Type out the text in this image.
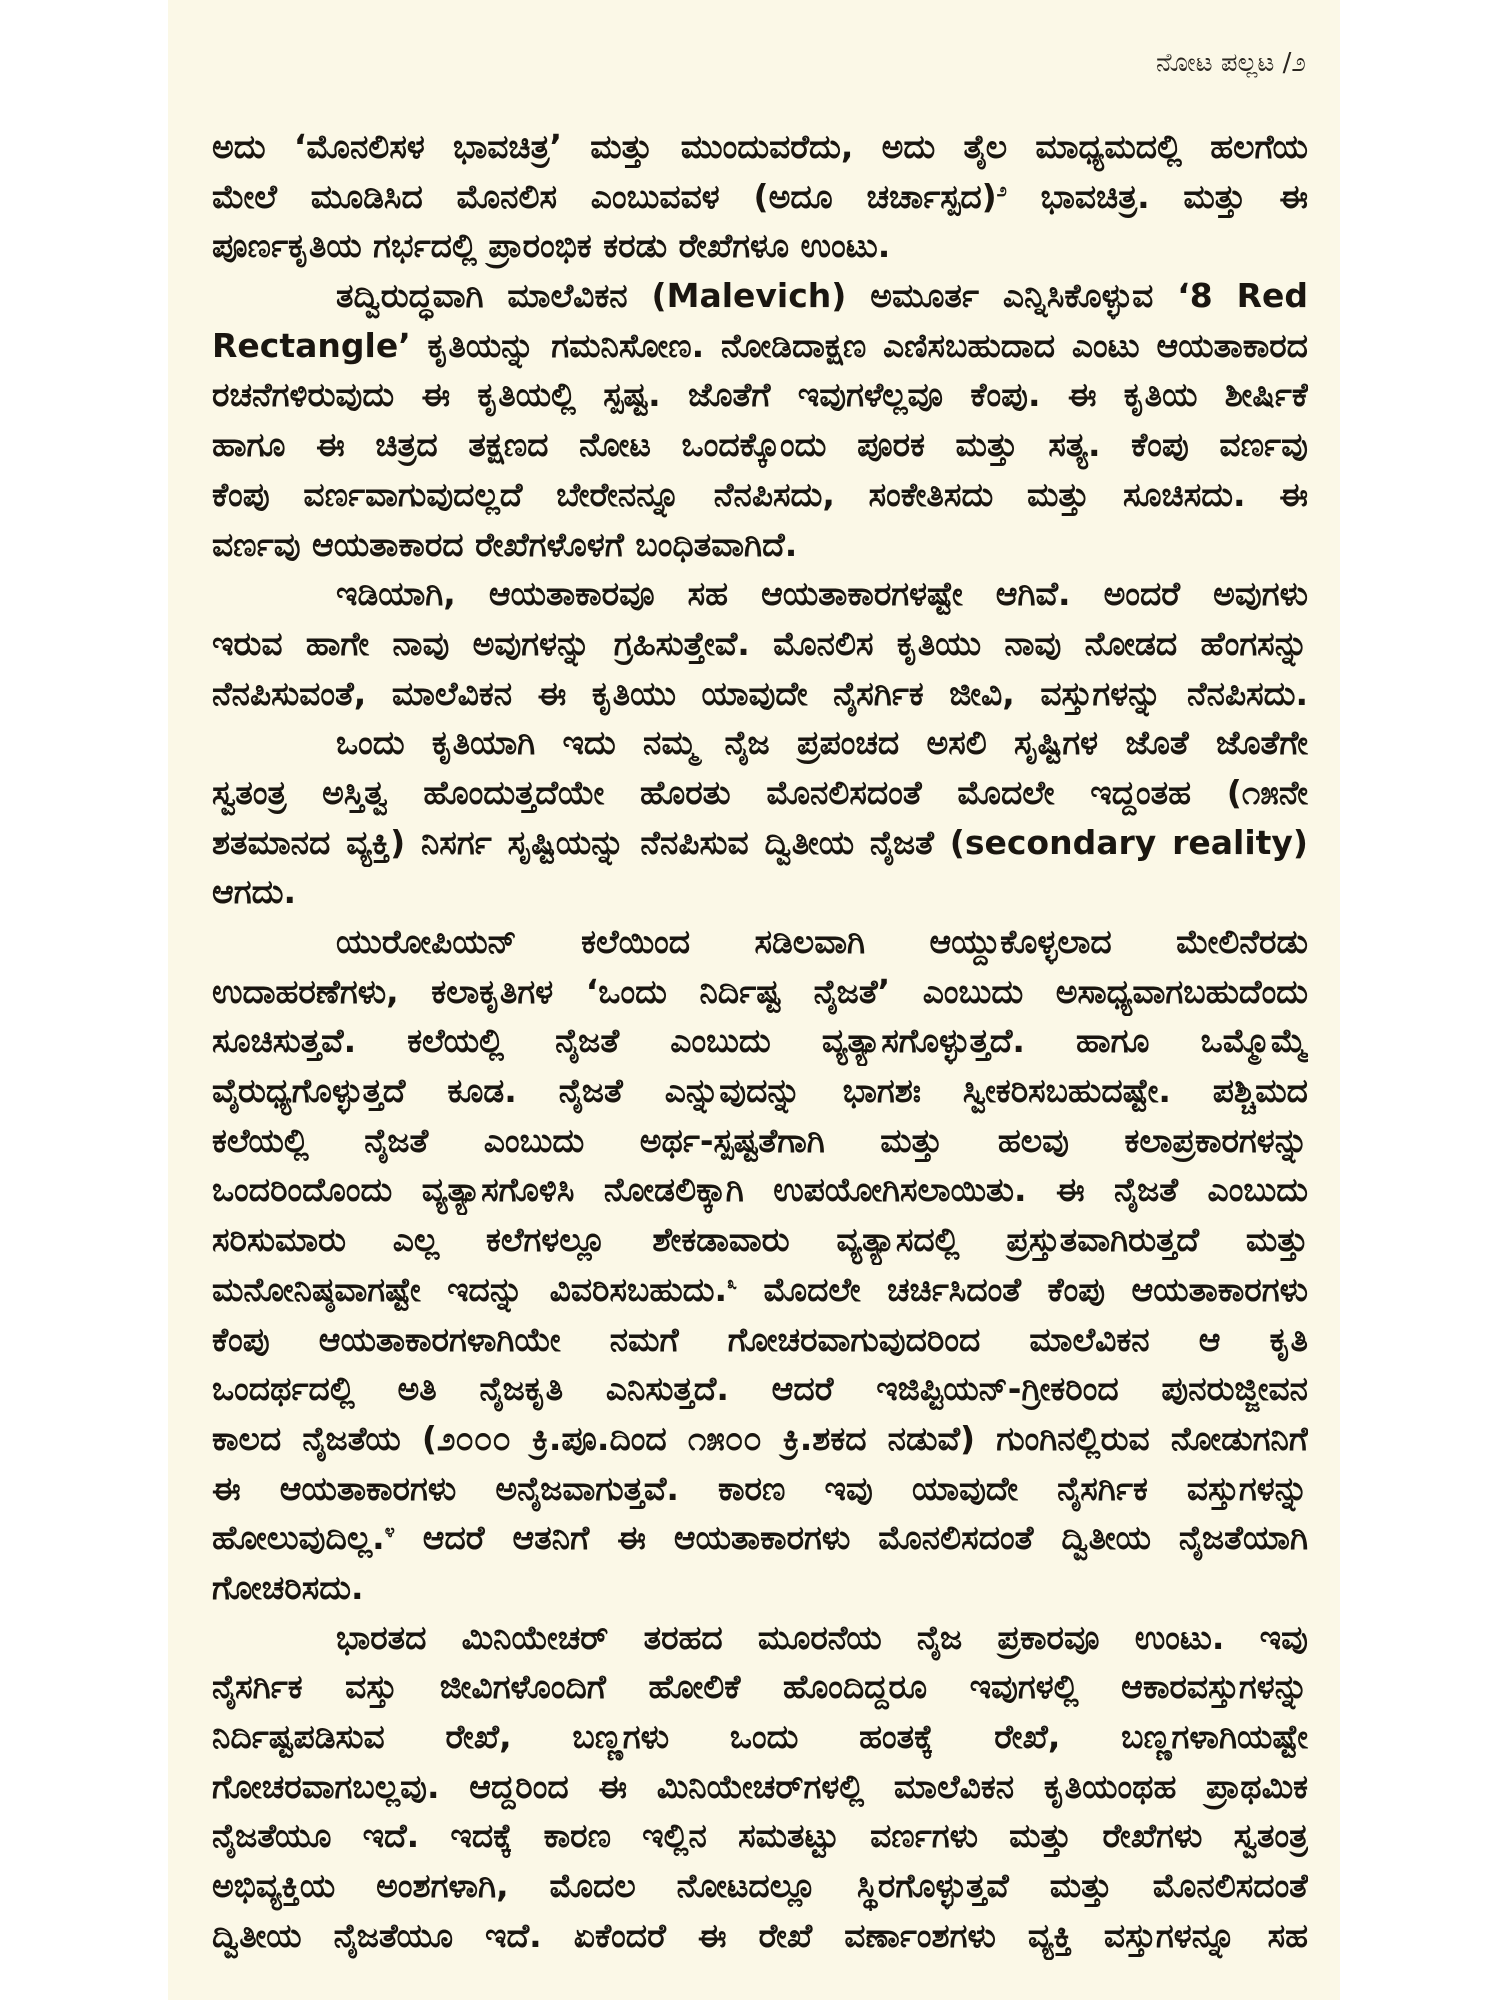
ನೋಟ ಪಲ್ಲಟ /೨
ಅದು ‘ಮೊನಲಿಸಳ ಭಾವಚಿತ್ರ’ ಮತ್ತು ಮುಂದುವರೆದು, ಅದು ತೈಲ ಮಾಧ್ಯಮದಲ್ಲಿ ಹಲಗೆಯ
ಮೇಲೆ ಮೂಡಿಸಿದ ಮೊನಲಿಸ ಎಂಬುವವಳ (ಅದೂ ಚರ್ಚಾಸ್ಪದ)$^೨$ ಭಾವಚಿತ್ರ. ಮತ್ತು ಈ
ಪೂರ್ಣಕೃತಿಯ ಗರ್ಭದಲ್ಲಿ ಪ್ರಾರಂಭಿಕ ಕರಡು ರೇಖೆಗಳೂ ಉಂಟು.
ತದ್ವಿರುದ್ಧವಾಗಿ ಮಾಲೆವಿಕನ (Malevich) ಅಮೂರ್ತ ಎನ್ನಿಸಿಕೊಳ್ಳುವ ‘8 Red
Rectangle’ ಕೃತಿಯನ್ನು ಗಮನಿಸೋಣ. ನೋಡಿದಾಕ್ಷಣ ಎಣಿಸಬಹುದಾದ ಎಂಟು ಆಯತಾಕಾರದ
ರಚನೆಗಳಿರುವುದು ಈ ಕೃತಿಯಲ್ಲಿ ಸ್ಪಷ್ಟ. ಜೊತೆಗೆ ಇವುಗಳೆಲ್ಲವೂ ಕೆಂಪು. ಈ ಕೃತಿಯ ಶೀರ್ಷಿಕೆ
ಹಾಗೂ ಈ ಚಿತ್ರದ ತಕ್ಷಣದ ನೋಟ ಒಂದಕ್ಕೊಂದು ಪೂರಕ ಮತ್ತು ಸತ್ಯ. ಕೆಂಪು ವರ್ಣವು
ಕೆಂಪು ವರ್ಣವಾಗುವುದಲ್ಲದೆ ಬೇರೇನನ್ನೂ ನೆನಪಿಸದು, ಸಂಕೇತಿಸದು ಮತ್ತು ಸೂಚಿಸದು. ಈ
ವರ್ಣವು ಆಯತಾಕಾರದ ರೇಖೆಗಳೊಳಗೆ ಬಂಧಿತವಾಗಿದೆ.
ಇಡಿಯಾಗಿ, ಆಯತಾಕಾರವೂ ಸಹ ಆಯತಾಕಾರಗಳಷ್ಟೇ ಆಗಿವೆ. ಅಂದರೆ ಅವುಗಳು
ಇರುವ ಹಾಗೇ ನಾವು ಅವುಗಳನ್ನು ಗ್ರಹಿಸುತ್ತೇವೆ. ಮೊನಲಿಸ ಕೃತಿಯು ನಾವು ನೋಡದ ಹೆಂಗಸನ್ನು
ನೆನಪಿಸುವಂತೆ, ಮಾಲೆವಿಕನ ಈ ಕೃತಿಯು ಯಾವುದೇ ನೈಸರ್ಗಿಕ ಜೀವಿ, ವಸ್ತುಗಳನ್ನು ನೆನಪಿಸದು.
ಒಂದು ಕೃತಿಯಾಗಿ ಇದು ನಮ್ಮ ನೈಜ ಪ್ರಪಂಚದ ಅಸಲಿ ಸೃಷ್ಟಿಗಳ ಜೊತೆ ಜೊತೆಗೇ
ಸ್ವತಂತ್ರ ಅಸ್ತಿತ್ವ ಹೊಂದುತ್ತದೆಯೇ ಹೊರತು ಮೊನಲಿಸದಂತೆ ಮೊದಲೇ ಇದ್ದಂತಹ (೧೫ನೇ
ಶತಮಾನದ ವ್ಯಕ್ತಿ) ನಿಸರ್ಗ ಸೃಷ್ಟಿಯನ್ನು ನೆನಪಿಸುವ ದ್ವಿತೀಯ ನೈಜತೆ (secondary reality)
ಆಗದು.
ಯುರೋಪಿಯನ್ ಕಲೆಯಿಂದ ಸಡಿಲವಾಗಿ ಆಯ್ದುಕೊಳ್ಳಲಾದ ಮೇಲಿನೆರಡು
ಉದಾಹರಣೆಗಳು, ಕಲಾಕೃತಿಗಳ ‘ಒಂದು ನಿರ್ದಿಷ್ಟ ನೈಜತೆ’ ಎಂಬುದು ಅಸಾಧ್ಯವಾಗಬಹುದೆಂದು
ಸೂಚಿಸುತ್ತವೆ. ಕಲೆಯಲ್ಲಿ ನೈಜತೆ ಎಂಬುದು ವ್ಯತ್ಯಾಸಗೊಳ್ಳುತ್ತದೆ. ಹಾಗೂ ಒಮ್ಮೊಮ್ಮೆ
ವೈರುಧ್ಯಗೊಳ್ಳುತ್ತದೆ ಕೂಡ. ನೈಜತೆ ಎನ್ನುವುದನ್ನು ಭಾಗಶಃ ಸ್ವೀಕರಿಸಬಹುದಷ್ಟೇ. ಪಶ್ಚಿಮದ
ಕಲೆಯಲ್ಲಿ ನೈಜತೆ ಎಂಬುದು ಅರ್ಥ-ಸ್ಪಷ್ಟತೆಗಾಗಿ ಮತ್ತು ಹಲವು ಕಲಾಪ್ರಕಾರಗಳನ್ನು
ಒಂದರಿಂದೊಂದು ವ್ಯತ್ಯಾಸಗೊಳಿಸಿ ನೋಡಲಿಕ್ಕಾಗಿ ಉಪಯೋಗಿಸಲಾಯಿತು. ಈ ನೈಜತೆ ಎಂಬುದು
ಸರಿಸುಮಾರು ಎಲ್ಲ ಕಲೆಗಳಲ್ಲೂ ಶೇಕಡಾವಾರು ವ್ಯತ್ಯಾಸದಲ್ಲಿ ಪ್ರಸ್ತುತವಾಗಿರುತ್ತದೆ ಮತ್ತು
ಮನೋನಿಷ್ಠವಾಗಷ್ಟೇ ಇದನ್ನು ವಿವರಿಸಬಹುದು.$^೩$ ಮೊದಲೇ ಚರ್ಚಿಸಿದಂತೆ ಕೆಂಪು ಆಯತಾಕಾರಗಳು
ಕೆಂಪು ಆಯತಾಕಾರಗಳಾಗಿಯೇ ನಮಗೆ ಗೋಚರವಾಗುವುದರಿಂದ ಮಾಲೆವಿಕನ ಆ ಕೃತಿ
ಒಂದರ್ಥದಲ್ಲಿ ಅತಿ ನೈಜಕೃತಿ ಎನಿಸುತ್ತದೆ. ಆದರೆ ಇಜಿಪ್ಟಿಯನ್-ಗ್ರೀಕರಿಂದ ಪುನರುಜ್ಜೀವನ
ಕಾಲದ ನೈಜತೆಯ (೨೦೦೦ ಕ್ರಿ.ಪೂ.ದಿಂದ ೧೫೦೦ ಕ್ರಿ.ಶಕದ ನಡುವೆ) ಗುಂಗಿನಲ್ಲಿರುವ ನೋಡುಗನಿಗೆ
ಈ ಆಯತಾಕಾರಗಳು ಅನೈಜವಾಗುತ್ತವೆ. ಕಾರಣ ಇವು ಯಾವುದೇ ನೈಸರ್ಗಿಕ ವಸ್ತುಗಳನ್ನು
ಹೋಲುವುದಿಲ್ಲ.$^೪$ ಆದರೆ ಆತನಿಗೆ ಈ ಆಯತಾಕಾರಗಳು ಮೊನಲಿಸದಂತೆ ದ್ವಿತೀಯ ನೈಜತೆಯಾಗಿ
ಗೋಚರಿಸದು.
ಭಾರತದ ಮಿನಿಯೇಚರ್ ತರಹದ ಮೂರನೆಯ ನೈಜ ಪ್ರಕಾರವೂ ಉಂಟು. ಇವು
ನೈಸರ್ಗಿಕ ವಸ್ತು ಜೀವಿಗಳೊಂದಿಗೆ ಹೋಲಿಕೆ ಹೊಂದಿದ್ದರೂ ಇವುಗಳಲ್ಲಿ ಆಕಾರವಸ್ತುಗಳನ್ನು
ನಿರ್ದಿಷ್ಟಪಡಿಸುವ ರೇಖೆ, ಬಣ್ಣಗಳು ಒಂದು ಹಂತಕ್ಕೆ ರೇಖೆ, ಬಣ್ಣಗಳಾಗಿಯಷ್ಟೇ
ಗೋಚರವಾಗಬಲ್ಲವು. ಆದ್ದರಿಂದ ಈ ಮಿನಿಯೇಚರ್‌ಗಳಲ್ಲಿ ಮಾಲೆವಿಕನ ಕೃತಿಯಂಥಹ ಪ್ರಾಥಮಿಕ
ನೈಜತೆಯೂ ಇದೆ. ಇದಕ್ಕೆ ಕಾರಣ ಇಲ್ಲಿನ ಸಮತಟ್ಟು ವರ್ಣಗಳು ಮತ್ತು ರೇಖೆಗಳು ಸ್ವತಂತ್ರ
ಅಭಿವ್ಯಕ್ತಿಯ ಅಂಶಗಳಾಗಿ, ಮೊದಲ ನೋಟದಲ್ಲೂ ಸ್ಥಿರಗೊಳ್ಳುತ್ತವೆ ಮತ್ತು ಮೊನಲಿಸದಂತೆ
ದ್ವಿತೀಯ ನೈಜತೆಯೂ ಇದೆ. ಏಕೆಂದರೆ ಈ ರೇಖೆ ವರ್ಣಾಂಶಗಳು ವ್ಯಕ್ತಿ ವಸ್ತುಗಳನ್ನೂ ಸಹ
